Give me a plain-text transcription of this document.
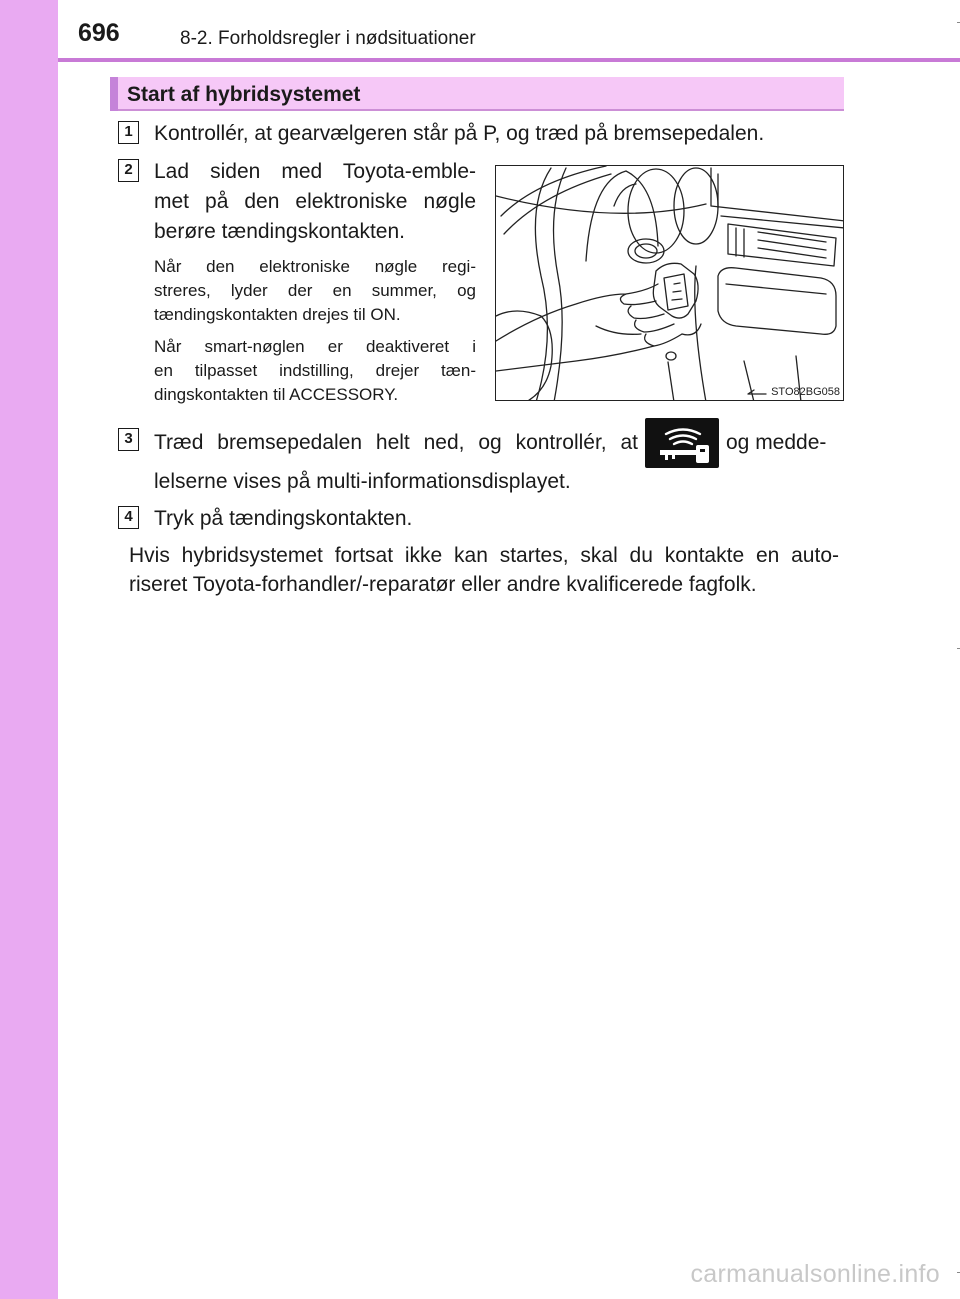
696	8-2. Forholdsregler i nødsituationer
Start af hybridsystemet
1	Kontrollér, at gearvælgeren står på P, og træd på bremsepedalen.
2	Lad siden med Toyota-emble-
met på den elektroniske nøgle
berøre tændingskontakten.
Når den elektroniske nøgle regi-
streres, lyder der en summer, og
tændingskontakten drejes til ON.
Når smart-nøglen er deaktiveret i
en tilpasset indstilling, drejer tæn-
dingskontakten til ACCESSORY.	STO82BG058
3	Træd bremsepedalen helt ned, og kontrollér, at	og medde-
lelserne vises på multi-informationsdisplayet.
4	Tryk på tændingskontakten.
Hvis hybridsystemet fortsat ikke kan startes, skal du kontakte en auto-
riseret Toyota-forhandler/-reparatør eller andre kvalificerede fagfolk.
carmanualsonline.info
